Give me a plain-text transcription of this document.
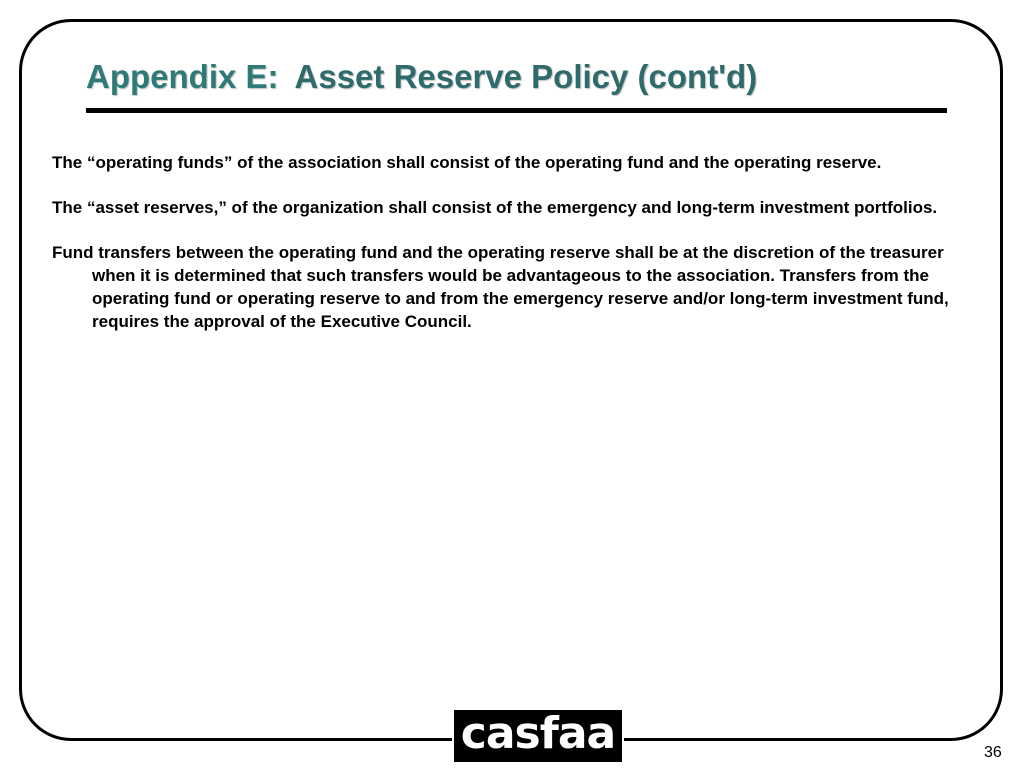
Appendix E: Asset Reserve Policy (cont'd)

The “operating funds” of the association shall consist of the operating fund and the operating reserve.

The “asset reserves,” of the organization shall consist of the emergency and long-term investment portfolios.

Fund transfers between the operating fund and the operating reserve shall be at the discretion of the treasurer when it is determined that such transfers would be advantageous to the association. Transfers from the operating fund or operating reserve to and from the emergency reserve and/or long-term investment fund, requires the approval of the Executive Council.

casfaa	36
